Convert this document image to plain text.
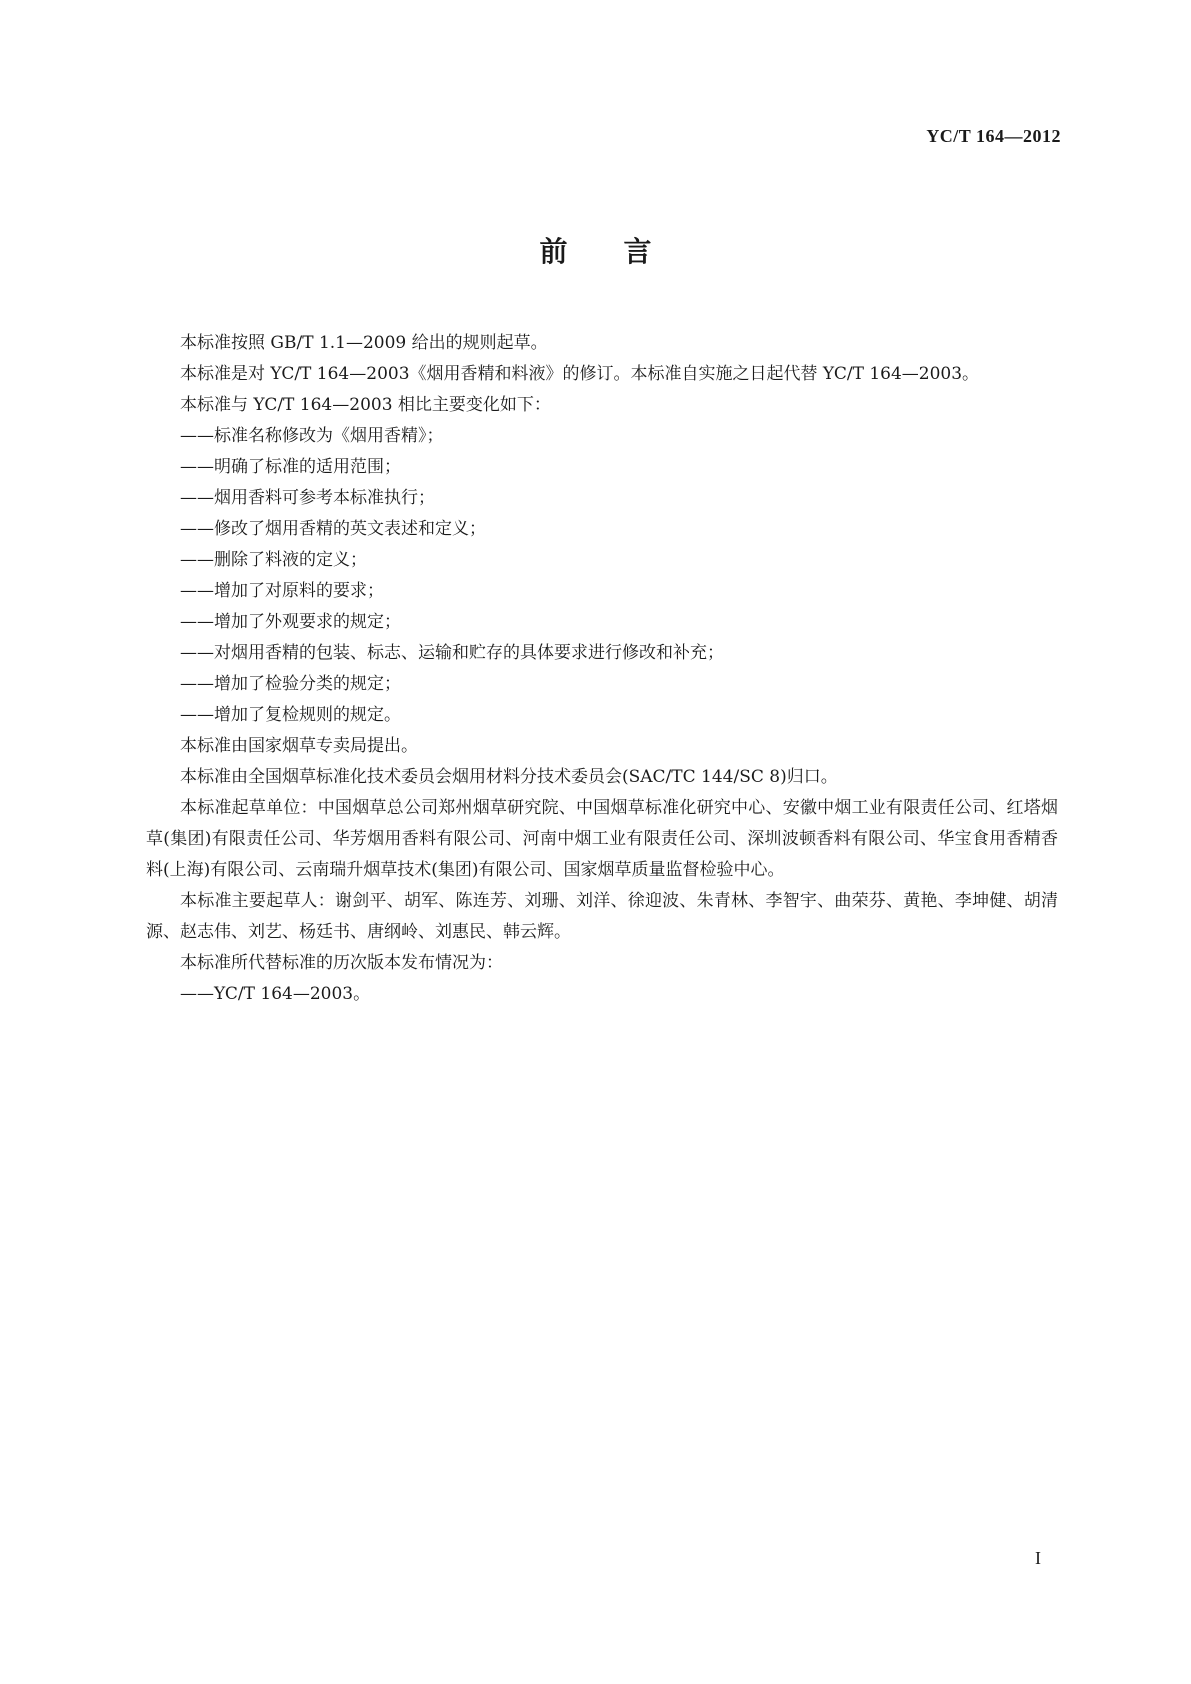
YC/T 164—2012
前言

本标准按照 GB/T 1.1—2009 给出的规则起草。

本标准是对 YC/T 164—2003《烟用香精和料液》的修订。本标准自实施之日起代替 YC/T 164—2003。

本标准与 YC/T 164—2003 相比主要变化如下：

——标准名称修改为《烟用香精》；

——明确了标准的适用范围；

——烟用香料可参考本标准执行；

——修改了烟用香精的英文表述和定义；

——删除了料液的定义；

——增加了对原料的要求；

——增加了外观要求的规定；

——对烟用香精的包装、标志、运输和贮存的具体要求进行修改和补充；

——增加了检验分类的规定；

——增加了复检规则的规定。

本标准由国家烟草专卖局提出。

本标准由全国烟草标准化技术委员会烟用材料分技术委员会(SAC/TC 144/SC 8)归口。

本标准起草单位：中国烟草总公司郑州烟草研究院、中国烟草标准化研究中心、安徽中烟工业有限责任公司、红塔烟草(集团)有限责任公司、华芳烟用香料有限公司、河南中烟工业有限责任公司、深圳波顿香料有限公司、华宝食用香精香料(上海)有限公司、云南瑞升烟草技术(集团)有限公司、国家烟草质量监督检验中心。

本标准主要起草人：谢剑平、胡军、陈连芳、刘珊、刘洋、徐迎波、朱青林、李智宇、曲荣芬、黄艳、李坤健、胡清源、赵志伟、刘艺、杨廷书、唐纲岭、刘惠民、韩云辉。

本标准所代替标准的历次版本发布情况为：

——YC/T 164—2003。

I
